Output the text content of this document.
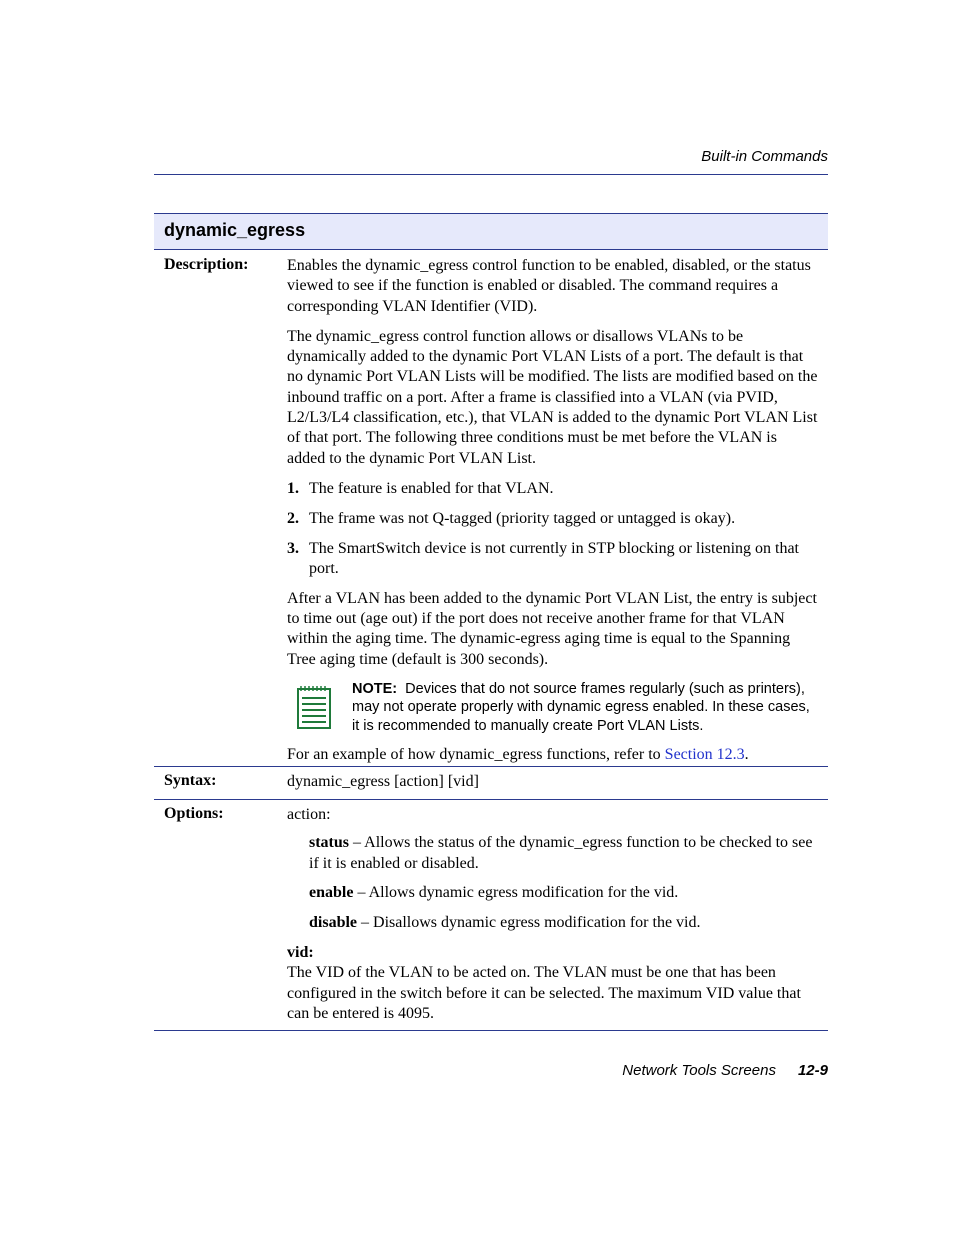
Built-in Commands
dynamic_egress
Description: Enables the dynamic_egress control function to be enabled, disabled, or the status viewed to see if the function is enabled or disabled. The command requires a corresponding VLAN Identifier (VID).

The dynamic_egress control function allows or disallows VLANs to be dynamically added to the dynamic Port VLAN Lists of a port. The default is that no dynamic Port VLAN Lists will be modified. The lists are modified based on the inbound traffic on a port. After a frame is classified into a VLAN (via PVID, L2/L3/L4 classification, etc.), that VLAN is added to the dynamic Port VLAN List of that port. The following three conditions must be met before the VLAN is added to the dynamic Port VLAN List.

1. The feature is enabled for that VLAN.
2. The frame was not Q-tagged (priority tagged or untagged is okay).
3. The SmartSwitch device is not currently in STP blocking or listening on that port.

After a VLAN has been added to the dynamic Port VLAN List, the entry is subject to time out (age out) if the port does not receive another frame for that VLAN within the aging time. The dynamic-egress aging time is equal to the Spanning Tree aging time (default is 300 seconds).

NOTE: Devices that do not source frames regularly (such as printers), may not operate properly with dynamic egress enabled. In these cases, it is recommended to manually create Port VLAN Lists.

For an example of how dynamic_egress functions, refer to Section 12.3.

Syntax:	dynamic_egress [action] [vid]
Options:	action:

status – Allows the status of the dynamic_egress function to be checked to see if it is enabled or disabled.

enable – Allows dynamic egress modification for the vid.

disable – Disallows dynamic egress modification for the vid.

vid:

The VID of the VLAN to be acted on. The VLAN must be one that has been configured in the switch before it can be selected. The maximum VID value that can be entered is 4095.

Network Tools Screens 12-9
